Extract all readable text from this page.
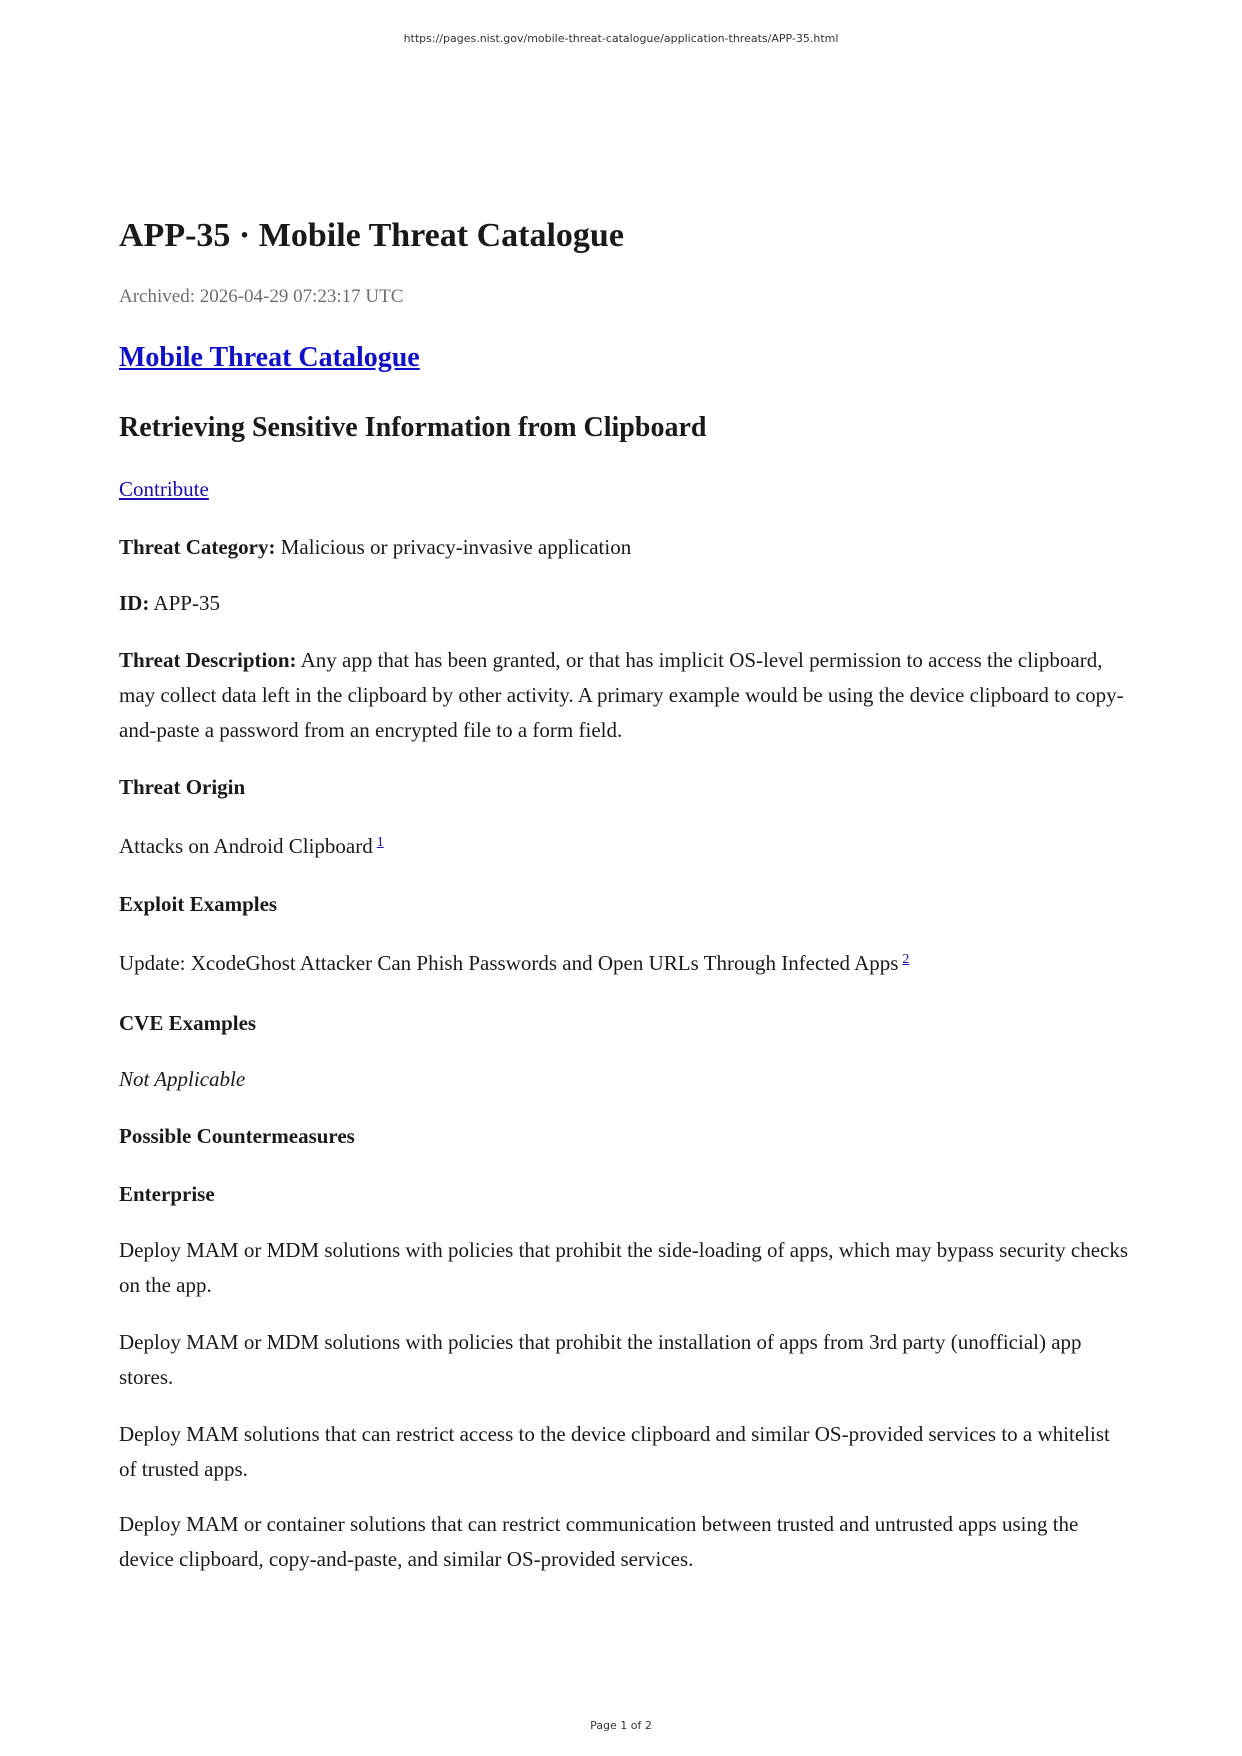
https://pages.nist.gov/mobile-threat-catalogue/application-threats/APP-35.html
APP-35 · Mobile Threat Catalogue

Archived: 2026-04-29 07:23:17 UTC

Mobile Threat Catalogue

Retrieving Sensitive Information from Clipboard

Contribute

Threat Category: Malicious or privacy-invasive application

ID: APP-35

Threat Description: Any app that has been granted, or that has implicit OS-level permission to access the clipboard, may collect data left in the clipboard by other activity. A primary example would be using the device clipboard to copy-and-paste a password from an encrypted file to a form field.

Threat Origin

Attacks on Android Clipboard $^1$

Exploit Examples

Update: XcodeGhost Attacker Can Phish Passwords and Open URLs Through Infected Apps $^2$

CVE Examples

Not Applicable

Possible Countermeasures

Enterprise

Deploy MAM or MDM solutions with policies that prohibit the side-loading of apps, which may bypass security checks on the app.

Deploy MAM or MDM solutions with policies that prohibit the installation of apps from 3rd party (unofficial) app stores.

Deploy MAM solutions that can restrict access to the device clipboard and similar OS-provided services to a whitelist of trusted apps.

Deploy MAM or container solutions that can restrict communication between trusted and untrusted apps using the device clipboard, copy-and-paste, and similar OS-provided services.

Page 1 of 2
